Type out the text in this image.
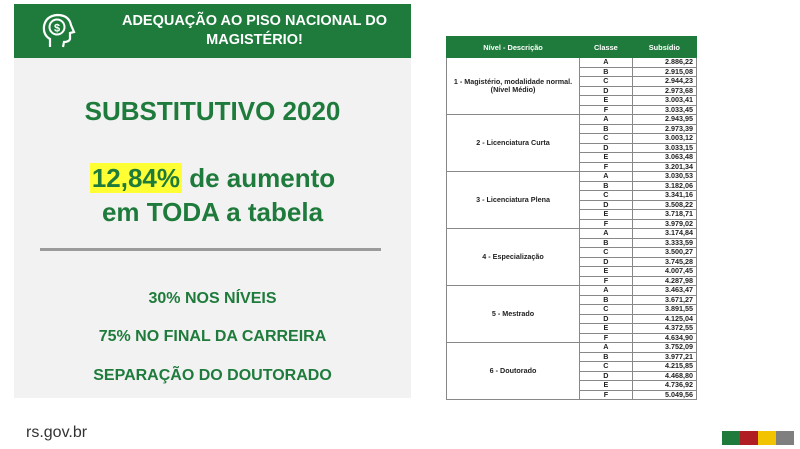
$	ADEQUAÇÃO AO PISO NACIONAL DO
MAGISTÉRIO!
SUBSTITUTIVO 2020
12,84% de aumento
em TODA a tabela
30% NOS NÍVEIS
75% NO FINAL DA CARREIRA
SEPARAÇÃO DO DOUTORADO
rs.gov.br
Nível - Descrição	Classe	Subsídio
1 - Magistério, modalidade normal.
(Nível Médio)	A	2.886,22
	B	2.915,08
	C	2.944,23
	D	2.973,68
	E	3.003,41
	F	3.033,45
2 - Licenciatura Curta	A	2.943,95
	B	2.973,39
	C	3.003,12
	D	3.033,15
	E	3.063,48
	F	3.201,34
3 - Licenciatura Plena	A	3.030,53
	B	3.182,06
	C	3.341,16
	D	3.508,22
	E	3.718,71
	F	3.979,02
4 - Especialização	A	3.174,84
	B	3.333,59
	C	3.500,27
	D	3.745,28
	E	4.007,45
	F	4.287,98
5 - Mestrado	A	3.463,47
	B	3.671,27
	C	3.891,55
	D	4.125,04
	E	4.372,55
	F	4.634,90
6 - Doutorado	A	3.752,09
	B	3.977,21
	C	4.215,85
	D	4.468,80
	E	4.736,92
	F	5.049,56
